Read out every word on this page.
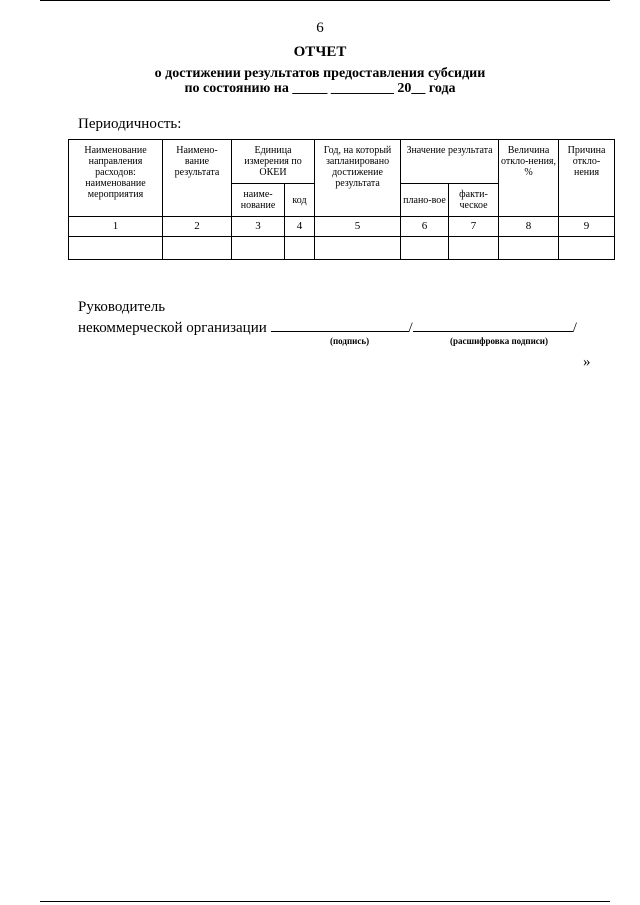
6
ОТЧЕТ
о достижении результатов предоставления субсидии
по состоянию на _____ _________ 20__ года
Периодичность:
Наименование направления расходов: наименование мероприятия	Наимено-вание результата	Единица измерения по ОКЕИ		Год, на который запланировано достижение результата	Значение результата		Величина откло-нения, %	Причина откло-нения
		наиме-нование	код		плано-вое	факти-ческое		
1	2	3	4	5	6	7	8	9

Руководитель
некоммерческой организации	/	/
(подпись)	(расшифровка подписи)
»
